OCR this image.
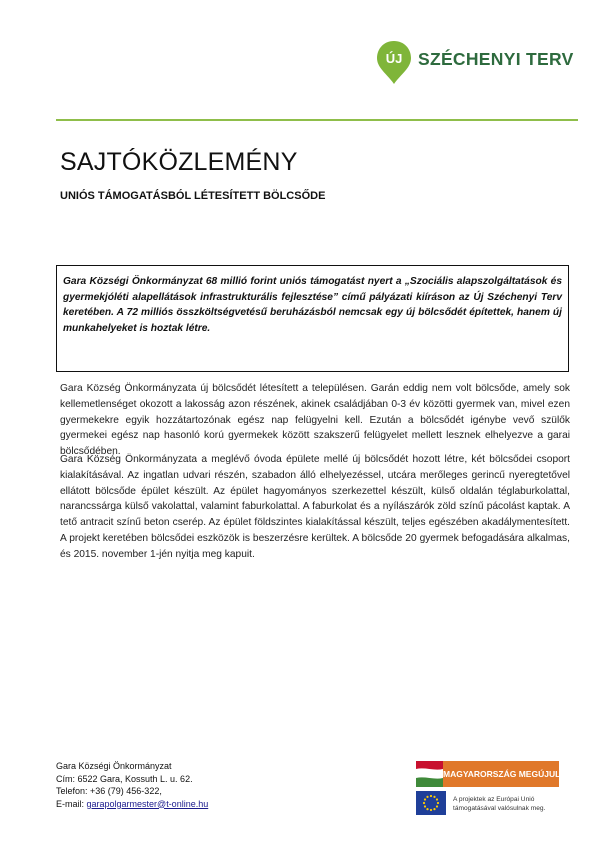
ÚJ SZÉCHENYI TERV
SAJTÓKÖZLEMÉNY
UNIÓS TÁMOGATÁSBÓL LÉTESÍTETT BÖLCSŐDE
Gara Községi Önkormányzat 68 millió forint uniós támogatást nyert a „Szociális alapszolgáltatások és gyermekjóléti alapellátások infrastrukturális fejlesztése” című pályázati kiíráson az Új Széchenyi Terv keretében. A 72 milliós összköltségvetésű beruházásból nemcsak egy új bölcsődét építettek, hanem új munkahelyeket is hoztak létre.

Gara Község Önkormányzata új bölcsődét létesített a településen. Garán eddig nem volt bölcsőde, amely sok kellemetlenséget okozott a lakosság azon részének, akinek családjában 0-3 év közötti gyermek van, mivel ezen gyermekekre egyik hozzátartozónak egész nap felügyelni kell. Ezután a bölcsődét igénybe vevő szülők gyermekei egész nap hasonló korú gyermekek között szakszerű felügyelet mellett lesznek elhelyezve a garai bölcsődében.

Gara Község Önkormányzata a meglévő óvoda épülete mellé új bölcsődét hozott létre, két bölcsődei csoport kialakításával. Az ingatlan udvari részén, szabadon álló elhelyezéssel, utcára merőleges gerincű nyeregtetővel ellátott bölcsőde épület készült. Az épület hagyományos szerkezettel készült, külső oldalán téglaburkolattal, narancssárga külső vakolattal, valamint faburkolattal. A faburkolat és a nyílászárók zöld színű pácolást kaptak. A tető antracit színű beton cserép. Az épület földszintes kialakítással készült, teljes egészében akadálymentesített. A projekt keretében bölcsődei eszközök is beszerzésre kerültek. A bölcsőde 20 gyermek befogadására alkalmas, és 2015. november 1-jén nyitja meg kapuit.

Gara Községi Önkormányzat
Cím: 6522 Gara, Kossuth L. u. 62.
Telefon: +36 (79) 456-322,
E-mail: garapolgarmester@t-online.hu
MAGYARORSZÁG MEGÚJUL
A projektek az Európai Unió
támogatásával valósulnak meg.
